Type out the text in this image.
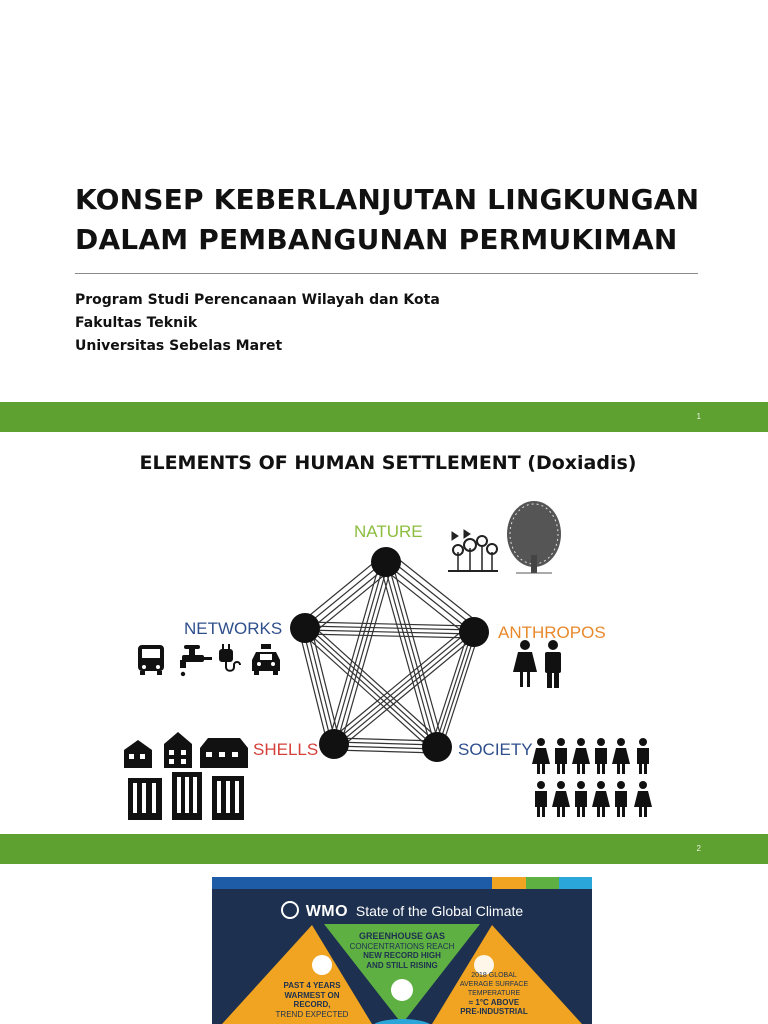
KONSEP KEBERLANJUTAN LINGKUNGAN
DALAM PEMBANGUNAN PERMUKIMAN
Program Studi Perencanaan Wilayah dan Kota
Fakultas Teknik
Universitas Sebelas Maret
1
ELEMENTS OF HUMAN SETTLEMENT (Doxiadis)
NATURE
NETWORKS	ANTHROPOS
SHELLS	SOCIETY
2
WMO State of the Global Climate
GREENHOUSE GAS
CONCENTRATIONS REACH
NEW RECORD HIGH
AND STILL RISING
PAST 4 YEARS
WARMEST ON
RECORD,
TREND EXPECTED
2018 GLOBAL
AVERAGE SURFACE
TEMPERATURE
≈ 1°C ABOVE
PRE-INDUSTRIAL
